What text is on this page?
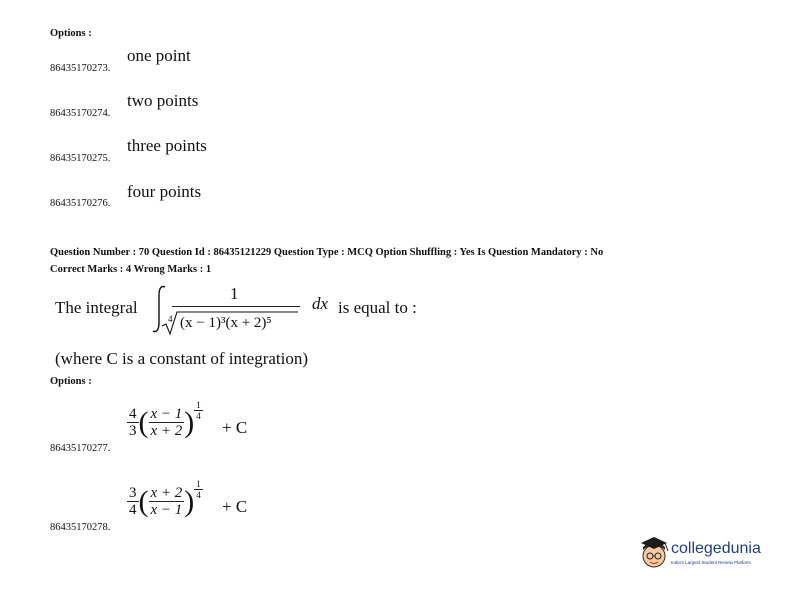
Options :
86435170273.
one point
86435170274.
two points
86435170275.
three points
86435170276.
four points
Question Number : 70 Question Id : 86435121229 Question Type : MCQ Option Shuffling : Yes Is Question Mandatory : No
Correct Marks : 4 Wrong Marks : 1
The integral
1
4 (x − 1)³(x + 2)⁵
dx is equal to :
(where C is a constant of integration)
Options :
86435170277.
$\frac{4}{3}$ ( $\frac{x - 1}{x + 2}$ ) $\frac{1}{4}$
+ C
86435170278.
$\frac{3}{4}$ ( $\frac{x + 2}{x - 1}$ ) $\frac{1}{4}$
+ C
collegedunia
India's Largest Student Review Platform
